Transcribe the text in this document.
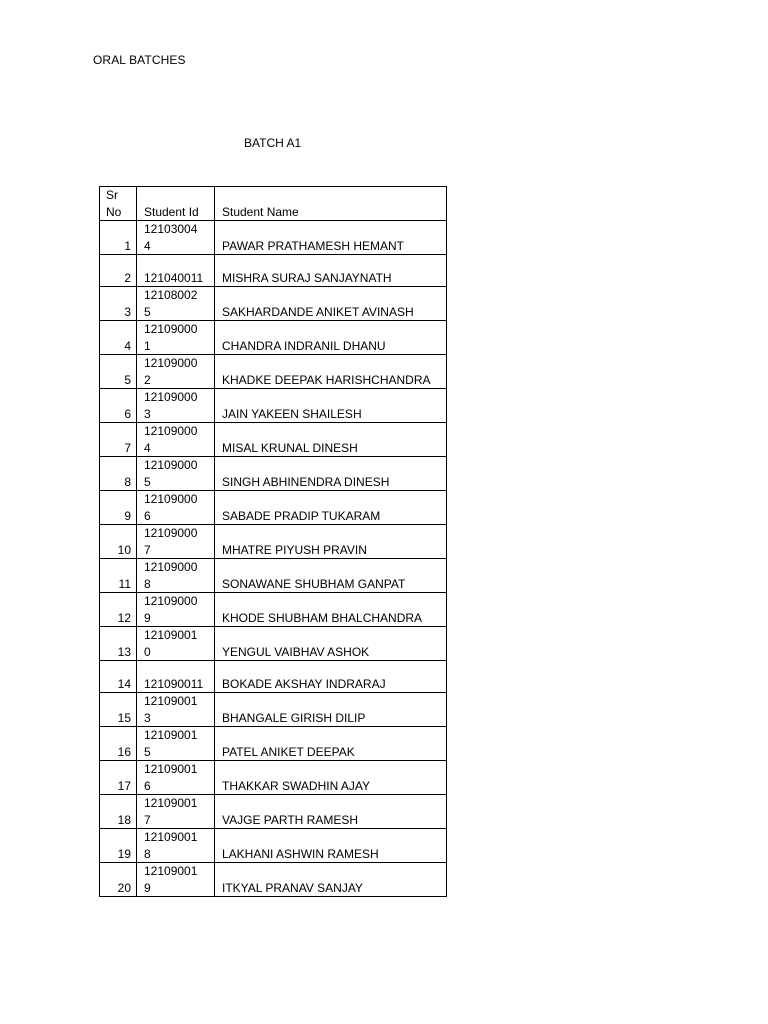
ORAL BATCHES
BATCH A1
Sr No	Student Id	Student Name
1	121030044	PAWAR PRATHAMESH HEMANT
2	121040011	MISHRA SURAJ SANJAYNATH
3	121080025	SAKHARDANDE ANIKET AVINASH
4	121090001	CHANDRA INDRANIL DHANU
5	121090002	KHADKE DEEPAK HARISHCHANDRA
6	121090003	JAIN YAKEEN SHAILESH
7	121090004	MISAL KRUNAL DINESH
8	121090005	SINGH ABHINENDRA DINESH
9	121090006	SABADE PRADIP TUKARAM
10	121090007	MHATRE PIYUSH PRAVIN
11	121090008	SONAWANE SHUBHAM GANPAT
12	121090009	KHODE SHUBHAM BHALCHANDRA
13	121090010	YENGUL VAIBHAV ASHOK
14	121090011	BOKADE AKSHAY INDRARAJ
15	121090013	BHANGALE GIRISH DILIP
16	121090015	PATEL ANIKET DEEPAK
17	121090016	THAKKAR SWADHIN AJAY
18	121090017	VAJGE PARTH RAMESH
19	121090018	LAKHANI ASHWIN RAMESH
20	121090019	ITKYAL PRANAV SANJAY
